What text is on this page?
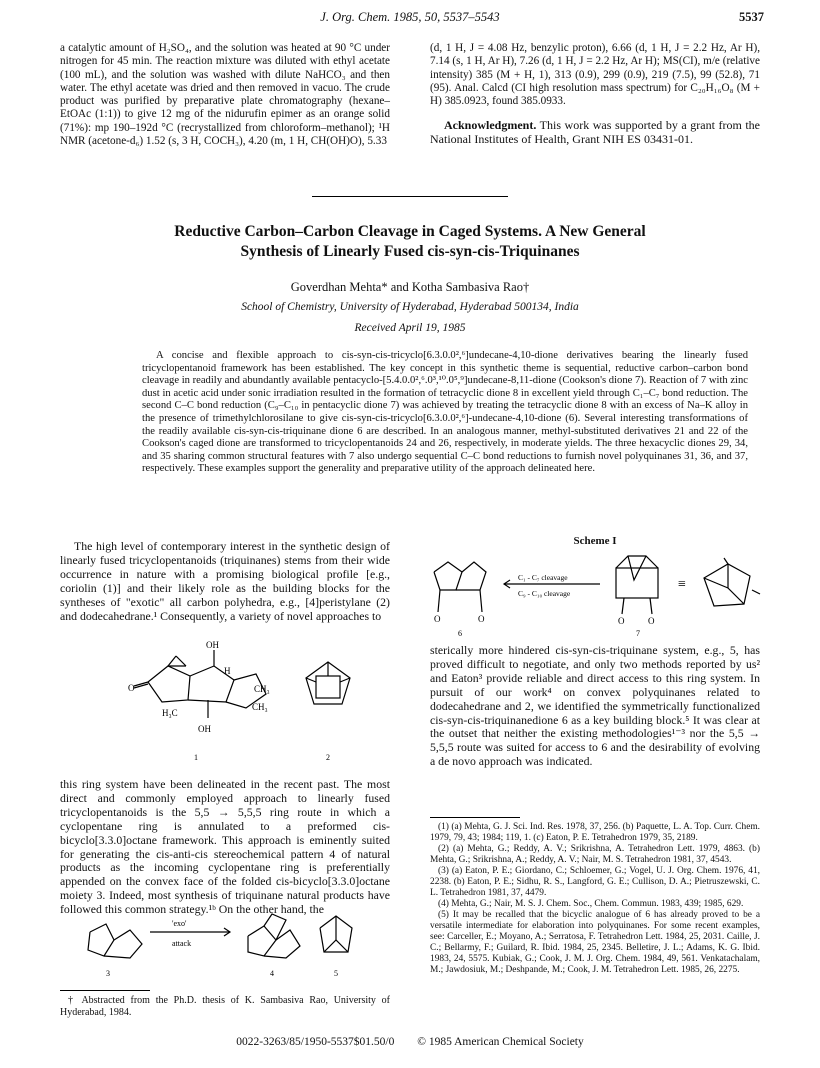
J. Org. Chem. 1985, 50, 5537–5543	5537

a catalytic amount of H₂SO₄, and the solution was heated at 90 °C under nitrogen for 45 min. The reaction mixture was diluted with ethyl acetate (100 mL), and the solution was washed with dilute NaHCO₃ and then water. The ethyl acetate was dried and then removed in vacuo. The crude product was purified by preparative plate chromatography (hexane–EtOAc (1:1)) to give 12 mg of the nidurufin epimer as an orange solid (71%): mp 190–192d °C (recrystallized from chloroform–methanol); ¹H NMR (acetone-d₆) 1.52 (s, 3 H, COCH₃), 4.20 (m, 1 H, CH(OH)O), 5.33

(d, 1 H, J = 4.08 Hz, benzylic proton), 6.66 (d, 1 H, J = 2.2 Hz, Ar H), 7.14 (s, 1 H, Ar H), 7.26 (d, 1 H, J = 2.2 Hz, Ar H); MS(CI), m/e (relative intensity) 385 (M + H, 1), 313 (0.9), 299 (0.9), 219 (7.5), 99 (52.8), 71 (95). Anal. Calcd (CI high resolution mass spectrum) for C₂₀H₁₆O₈ (M + H) 385.0923, found 385.0933.

Acknowledgment. This work was supported by a grant from the National Institutes of Health, Grant NIH ES 03431-01.

Reductive Carbon–Carbon Cleavage in Caged Systems. A New General
Synthesis of Linearly Fused cis-syn-cis-Triquinanes
Goverdhan Mehta* and Kotha Sambasiva Rao†
School of Chemistry, University of Hyderabad, Hyderabad 500134, India
Received April 19, 1985
A concise and flexible approach to cis-syn-cis-tricyclo[6.3.0.0²,⁶]undecane-4,10-dione derivatives bearing the linearly fused tricyclopentanoid framework has been established. The key concept in this synthetic theme is sequential, reductive carbon–carbon bond cleavage in readily and abundantly available pentacyclo-[5.4.0.0²,⁶.0³,¹⁰.0⁵,⁹]undecane-8,11-dione (Cookson's dione 7). Reaction of 7 with zinc dust in acetic acid under sonic irradiation resulted in the formation of tetracyclic dione 8 in excellent yield through C₁–C₇ bond reduction. The second C–C bond reduction (C₉–C₁₀ in pentacyclic dione 7) was achieved by treating the tetracyclic dione 8 with an excess of Na–K alloy in the presence of trimethylchlorosilane to give cis-syn-cis-tricyclo[6.3.0.0²,⁶]-undecane-4,10-dione (6). Several interesting transformations of the readily available cis-syn-cis-triquinane dione 6 are described. In an analogous manner, methyl-substituted derivatives 21 and 22 of the Cookson's caged dione are transformed to tricyclopentanoids 24 and 26, respectively, in moderate yields. The three hexacyclic diones 29, 34, and 35 sharing common structural features with 7 also undergo sequential C–C bond reductions to furnish novel polyquinanes 31, 36, and 37, respectively. These examples support the generality and preparative utility of the approach delineated here.

The high level of contemporary interest in the synthetic design of linearly fused tricyclopentanoids (triquinanes) stems from their wide occurrence in nature with a promising biological profile [e.g., coriolin (1)] and their likely role as the building blocks for the syntheses of "exotic" all carbon polyhedra, e.g., [4]peristylane (2) and dodecahedrane.¹ Consequently, a variety of novel approaches to

OH
O
H
CH₃
CH₃
H₃C
OH
1	2

this ring system have been delineated in the recent past. The most direct and commonly employed approach to linearly fused tricyclopentanoids is the 5,5 → 5,5,5 ring route in which a cyclopentane ring is annulated to a preformed cis-bicyclo[3.3.0]octane framework. This approach is eminently suited for generating the cis-anti-cis stereochemical pattern 4 of natural products as the incoming cyclopentane ring is preferentially appended on the convex face of the folded cis-bicyclo[3.3.0]octane moiety 3. Indeed, most synthesis of triquinane natural products have followed this common strategy.¹ᵇ On the other hand, the

'exo'
attack
3	4	5

† Abstracted from the Ph.D. thesis of K. Sambasiva Rao, University of Hyderabad, 1984.

Scheme I
C₁ - C₇ cleavage
C₉ - C₁₀ cleavage
O	O
6
O	O
7
≡

sterically more hindered cis-syn-cis-triquinane system, e.g., 5, has proved difficult to negotiate, and only two methods reported by us² and Eaton³ provide reliable and direct access to this ring system. In pursuit of our work⁴ on convex polyquinanes related to dodecahedrane and 2, we identified the symmetrically functionalized cis-syn-cis-triquinanedione 6 as a key building block.⁵ It was clear at the outset that neither the existing methodologies¹⁻³ nor the 5,5 → 5,5,5 route was suited for access to 6 and the desirability of evolving a de novo approach was indicated.

(1) (a) Mehta, G. J. Sci. Ind. Res. 1978, 37, 256. (b) Paquette, L. A. Top. Curr. Chem. 1979, 79, 43; 1984; 119, 1. (c) Eaton, P. E. Tetrahedron 1979, 35, 2189.

(2) (a) Mehta, G.; Reddy, A. V.; Srikrishna, A. Tetrahedron Lett. 1979, 4863. (b) Mehta, G.; Srikrishna, A.; Reddy, A. V.; Nair, M. S. Tetrahedron 1981, 37, 4543.

(3) (a) Eaton, P. E.; Giordano, C.; Schloemer, G.; Vogel, U. J. Org. Chem. 1976, 41, 2238. (b) Eaton, P. E.; Sidhu, R. S., Langford, G. E.; Cullison, D. A.; Pietruszewski, C. L. Tetrahedron 1981, 37, 4479.

(4) Mehta, G.; Nair, M. S. J. Chem. Soc., Chem. Commun. 1983, 439; 1985, 629.

(5) It may be recalled that the bicyclic analogue of 6 has already proved to be a versatile intermediate for elaboration into polyquinanes. For some recent examples, see: Carceller, E.; Moyano, A.; Serratosa, F. Tetrahedron Lett. 1984, 25, 2031. Caille, J. C.; Bellarmy, F.; Guilard, R. Ibid. 1984, 25, 2345. Belletire, J. L.; Adams, K. G. Ibid. 1983, 24, 5575. Kubiak, G.; Cook, J. M. J. Org. Chem. 1984, 49, 561. Venkatachalam, M.; Jawdosiuk, M.; Deshpande, M.; Cook, J. M. Tetrahedron Lett. 1985, 26, 2275.

0022-3263/85/1950-5537$01.50/0 © 1985 American Chemical Society
